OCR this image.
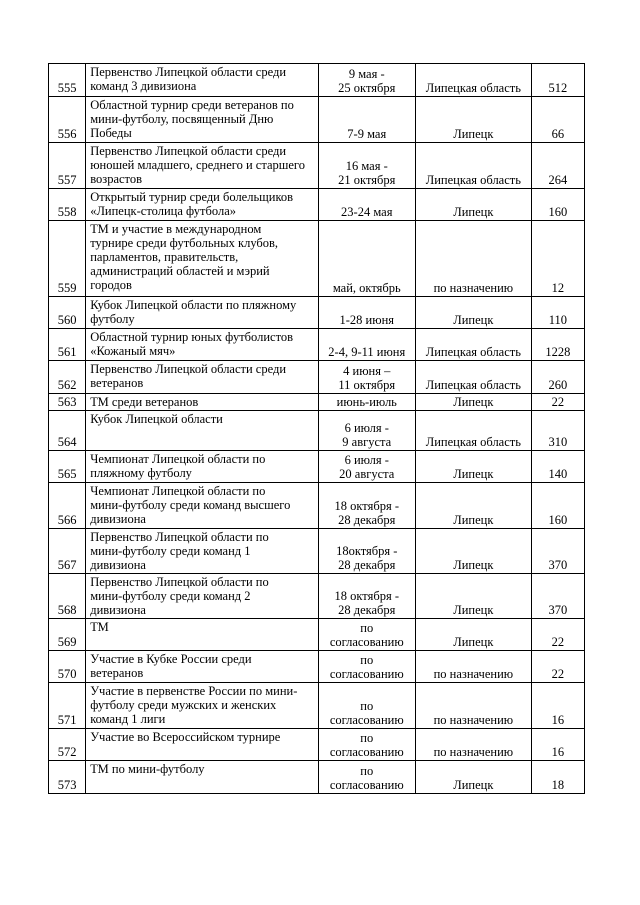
555	Первенство Липецкой области среди
команд 3 дивизиона	9 мая -
25 октября	Липецкая область	512
556	Областной турнир среди ветеранов по
мини-футболу, посвященный Дню
Победы	7-9 мая	Липецк	66
557	Первенство Липецкой области среди
юношей младшего, среднего и старшего
возрастов	16 мая -
21 октября	Липецкая область	264
558	Открытый турнир среди болельщиков
«Липецк-столица футбола»	23-24 мая	Липецк	160
559	ТМ и участие в международном
турнире среди футбольных клубов,
парламентов, правительств,
администраций областей и мэрий
городов	май, октябрь	по назначению	12
560	Кубок Липецкой области по пляжному
футболу	1-28 июня	Липецк	110
561	Областной турнир юных футболистов
«Кожаный мяч»	2-4, 9-11 июня	Липецкая область	1228
562	Первенство Липецкой области среди
ветеранов	4 июня –
11 октября	Липецкая область	260
563	ТМ среди ветеранов	июнь-июль	Липецк	22
564	Кубок Липецкой области	6 июля -
9 августа	Липецкая область	310
565	Чемпионат Липецкой области по
пляжному футболу	6 июля -
20 августа	Липецк	140
566	Чемпионат Липецкой области по
мини-футболу среди команд высшего
дивизиона	18 октября -
28 декабря	Липецк	160
567	Первенство Липецкой области по
мини-футболу среди команд 1
дивизиона	18октября -
28 декабря	Липецк	370
568	Первенство Липецкой области по
мини-футболу среди команд 2
дивизиона	18 октября -
28 декабря	Липецк	370
569	ТМ	по
согласованию	Липецк	22
570	Участие в Кубке России среди
ветеранов	по
согласованию	по назначению	22
571	Участие в первенстве России по мини-
футболу среди мужских и женских
команд 1 лиги	по
согласованию	по назначению	16
572	Участие во Всероссийском турнире	по
согласованию	по назначению	16
573	ТМ по мини-футболу	по
согласованию	Липецк	18
